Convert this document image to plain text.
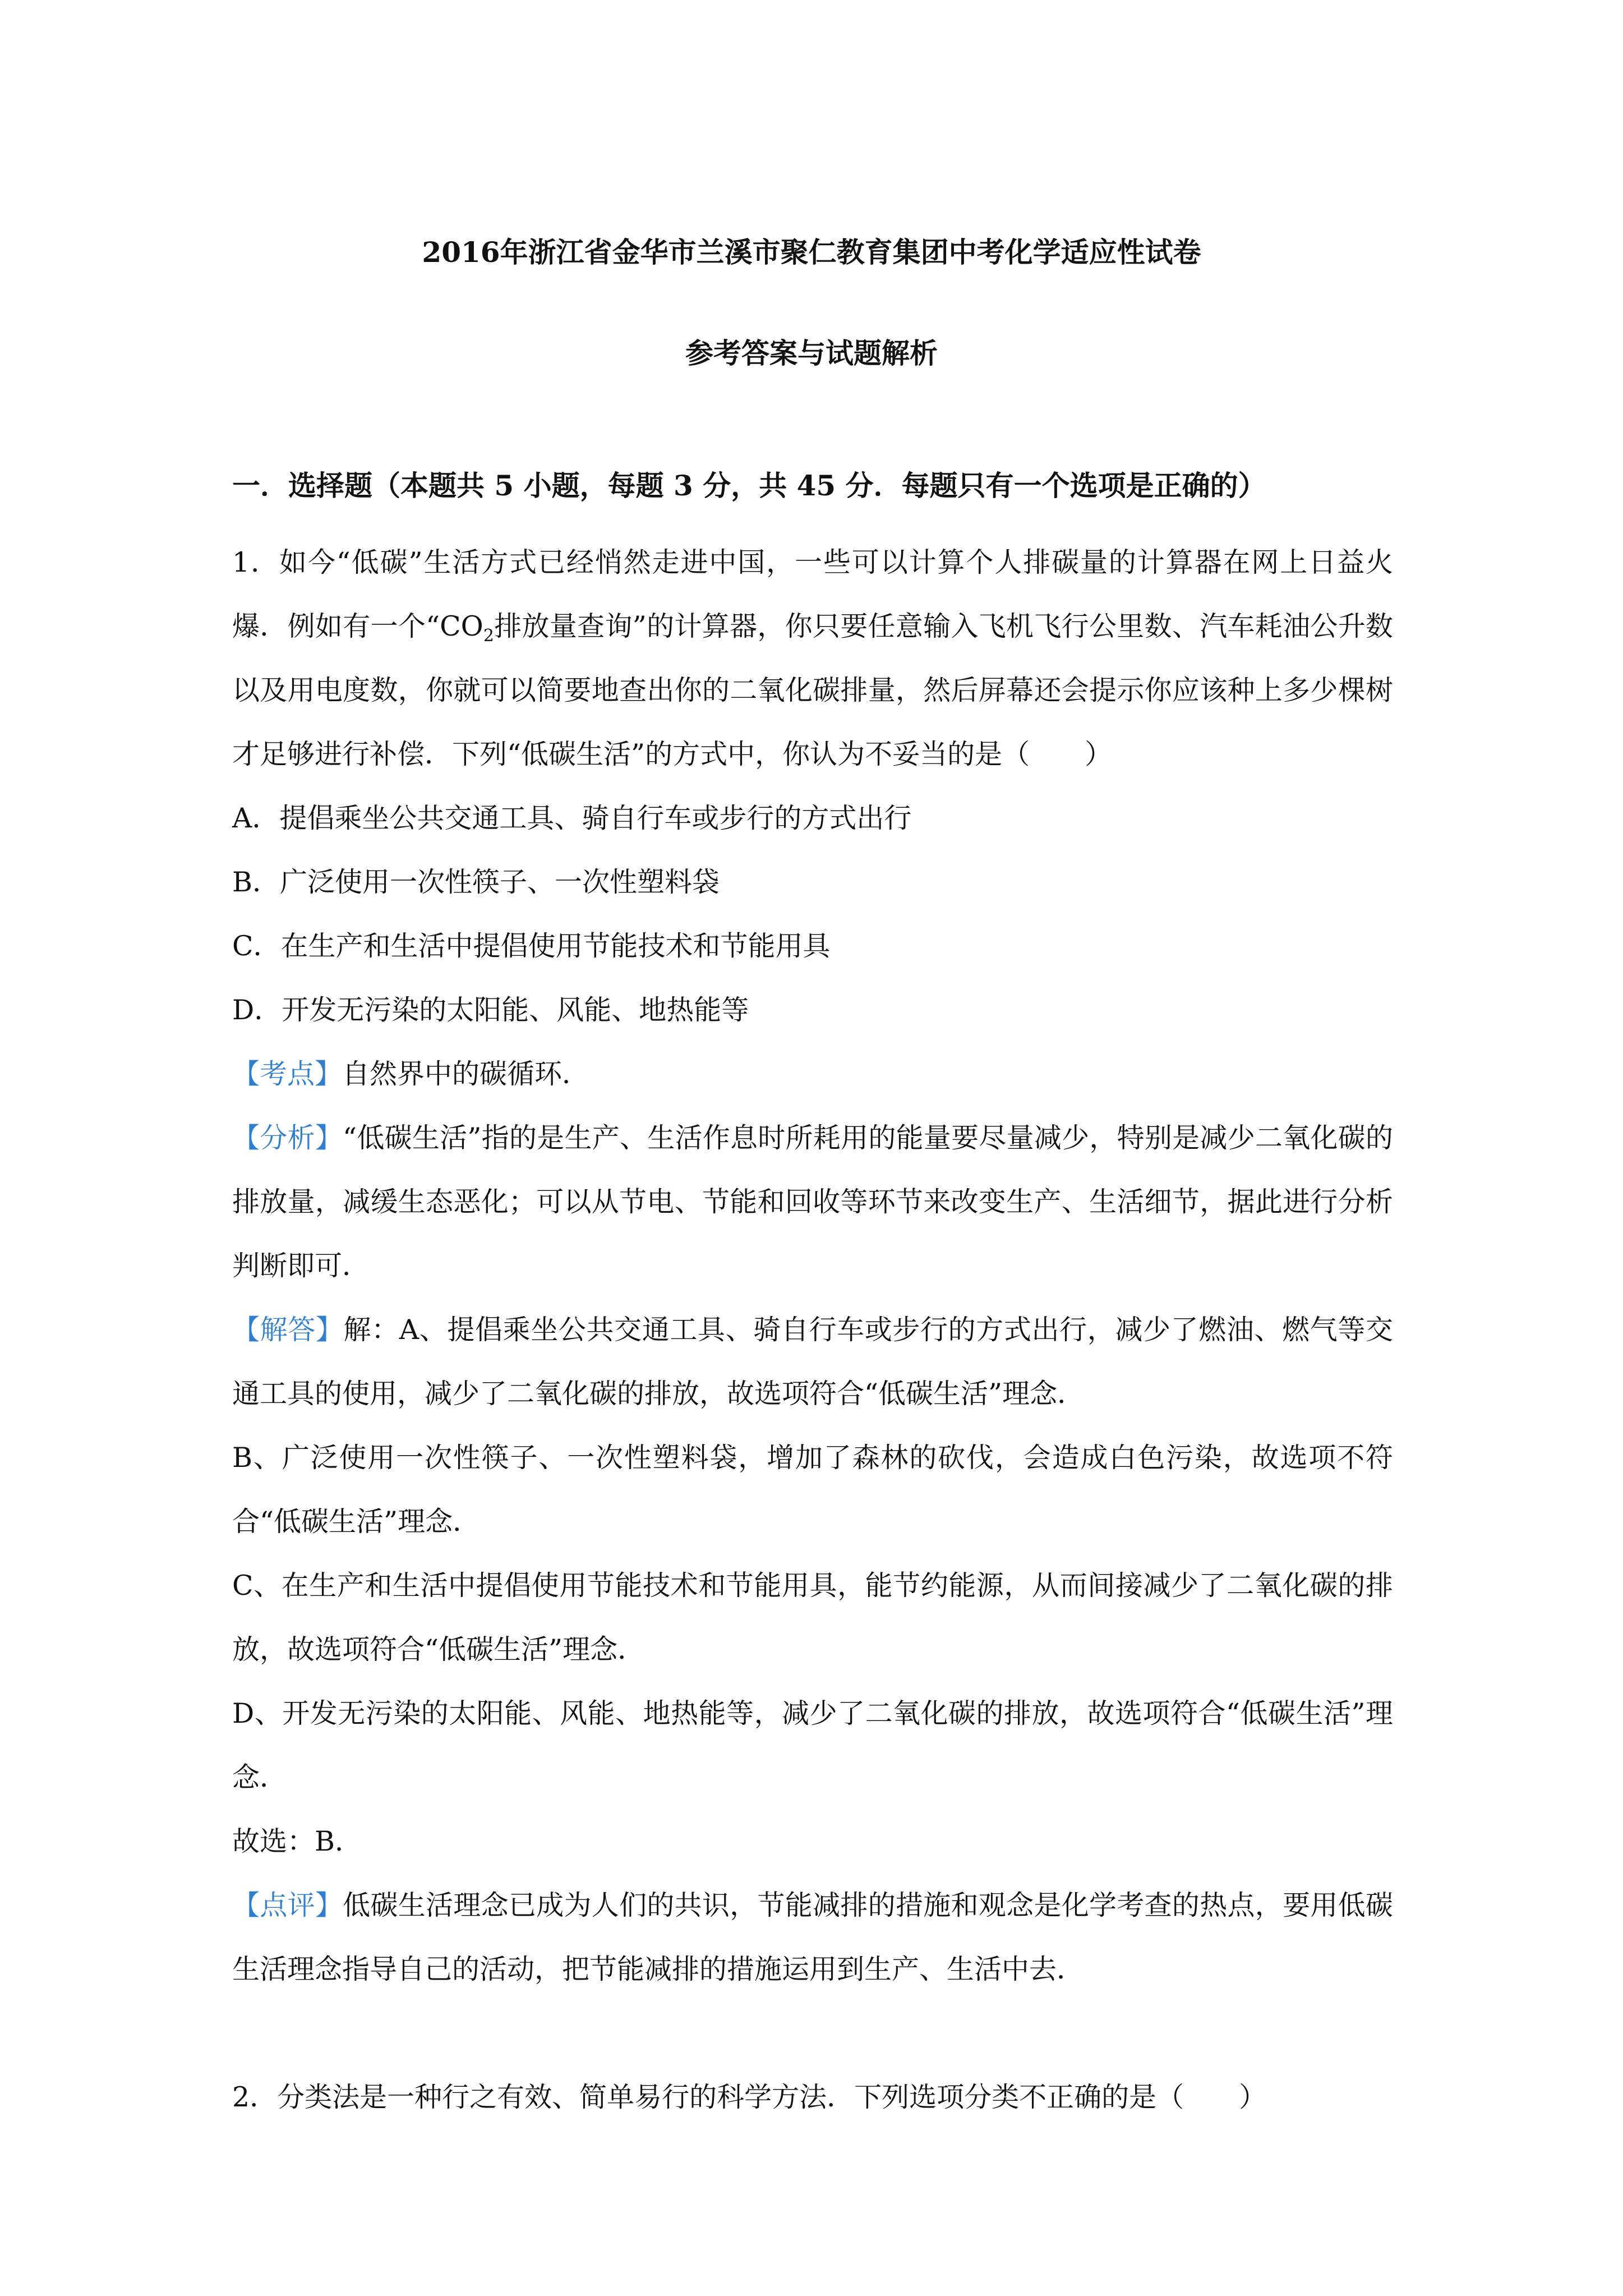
2016年浙江省金华市兰溪市聚仁教育集团中考化学适应性试卷
参考答案与试题解析
一．选择题（本题共 5 小题，每题 3 分，共 45 分．每题只有一个选项是正确的）

1．如今“低碳”生活方式已经悄然走进中国，一些可以计算个人排碳量的计算器在网上日益火爆．例如有一个“$CO_2$排放量查询”的计算器，你只要任意输入飞机飞行公里数、汽车耗油公升数以及用电度数，你就可以简要地查出你的二氧化碳排量，然后屏幕还会提示你应该种上多少棵树才足够进行补偿．下列“低碳生活”的方式中，你认为不妥当的是（　　）

A．提倡乘坐公共交通工具、骑自行车或步行的方式出行

B．广泛使用一次性筷子、一次性塑料袋

C．在生产和生活中提倡使用节能技术和节能用具

D．开发无污染的太阳能、风能、地热能等

【考点】自然界中的碳循环．

【分析】“低碳生活”指的是生产、生活作息时所耗用的能量要尽量减少，特别是减少二氧化碳的排放量，减缓生态恶化；可以从节电、节能和回收等环节来改变生产、生活细节，据此进行分析判断即可．

【解答】解：A、提倡乘坐公共交通工具、骑自行车或步行的方式出行，减少了燃油、燃气等交通工具的使用，减少了二氧化碳的排放，故选项符合“低碳生活”理念．

B、广泛使用一次性筷子、一次性塑料袋，增加了森林的砍伐，会造成白色污染，故选项不符合“低碳生活”理念．

C、在生产和生活中提倡使用节能技术和节能用具，能节约能源，从而间接减少了二氧化碳的排放，故选项符合“低碳生活”理念．

D、开发无污染的太阳能、风能、地热能等，减少了二氧化碳的排放，故选项符合“低碳生活”理念．

故选：B．

【点评】低碳生活理念已成为人们的共识，节能减排的措施和观念是化学考查的热点，要用低碳生活理念指导自己的活动，把节能减排的措施运用到生产、生活中去．

2．分类法是一种行之有效、简单易行的科学方法．下列选项分类不正确的是（　　）
